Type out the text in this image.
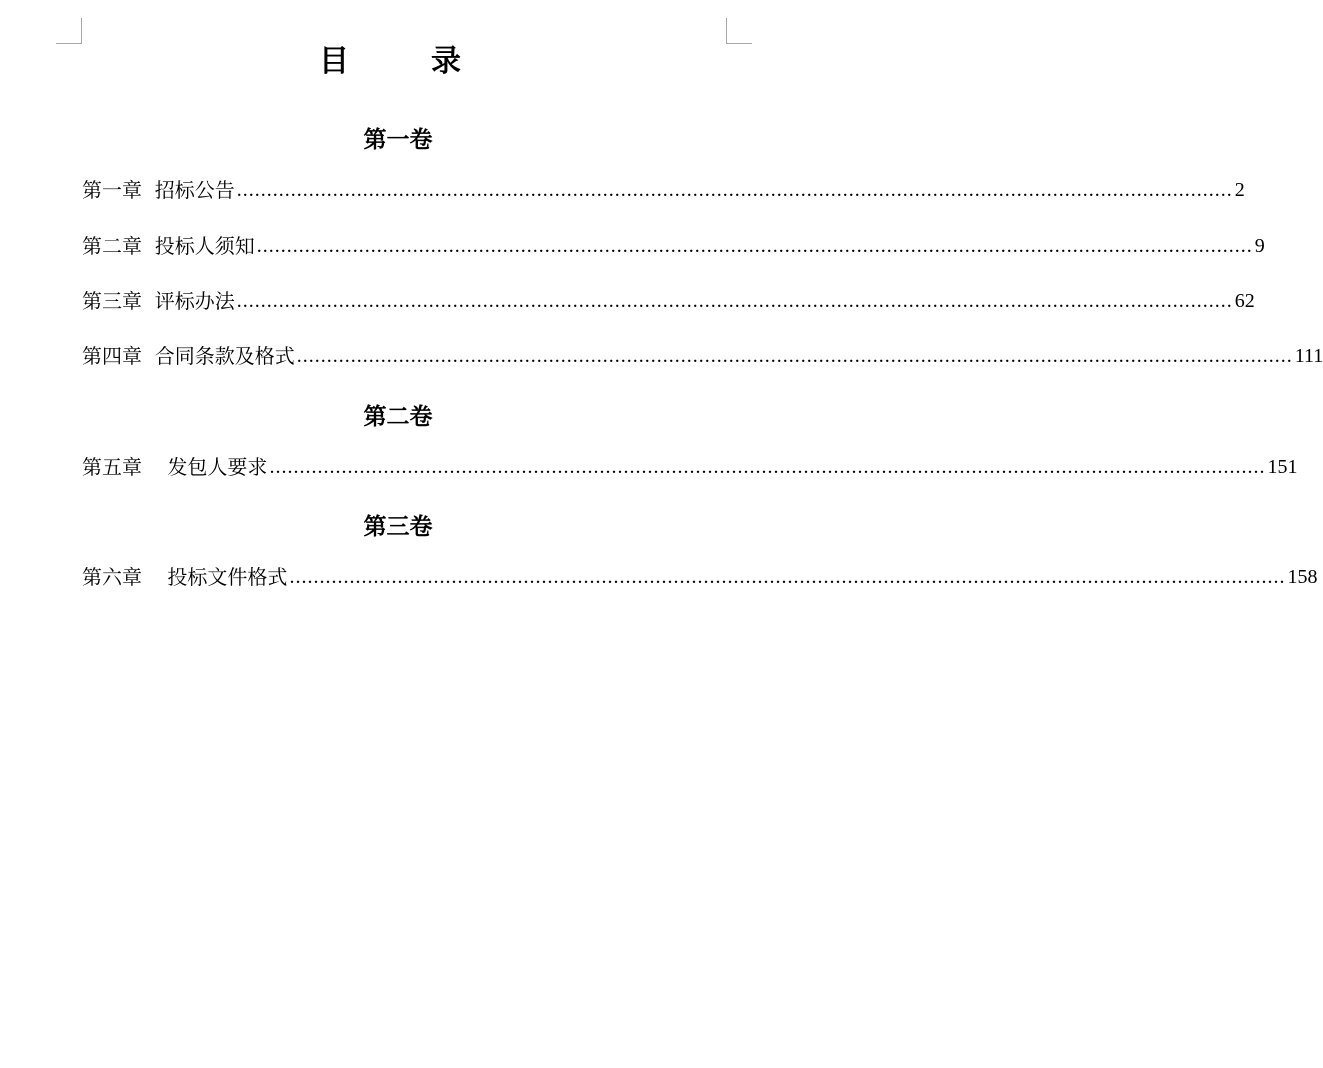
目	录
第一卷
第一章  招标公告 ...................................................................................................................................................................... 2
第二章  投标人须知 ...................................................................................................................................................................... 9
第三章  评标办法 ...................................................................................................................................................................... 62
第四章  合同条款及格式 ...................................................................................................................................................................... 111
第二卷
第五章    发包人要求 ...................................................................................................................................................................... 151
第三卷
第六章    投标文件格式 ...................................................................................................................................................................... 158
